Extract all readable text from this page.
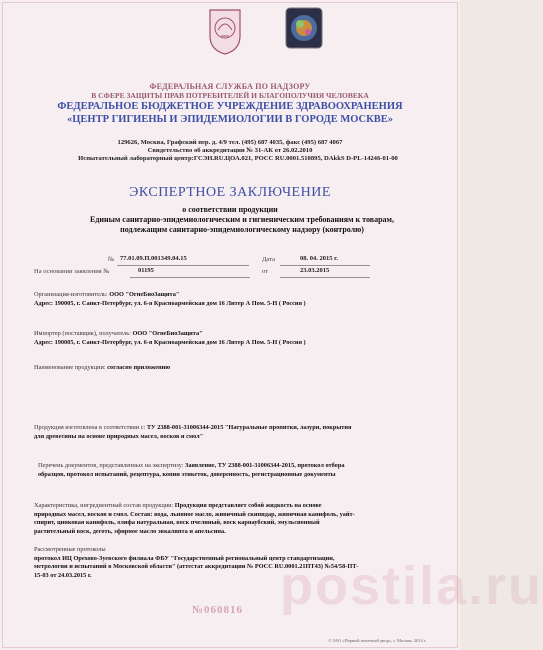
ФЕДЕРАЛЬНАЯ СЛУЖБА ПО НАДЗОРУ
В СФЕРЕ ЗАЩИТЫ ПРАВ ПОТРЕБИТЕЛЕЙ И БЛАГОПОЛУЧИЯ ЧЕЛОВЕКА
ФЕДЕРАЛЬНОЕ БЮДЖЕТНОЕ УЧРЕЖДЕНИЕ ЗДРАВООХРАНЕНИЯ
«ЦЕНТР ГИГИЕНЫ И ЭПИДЕМИОЛОГИИ В ГОРОДЕ МОСКВЕ»
129626, Москва, Графский пер. д. 4/9 тел. (495) 687 4035, факс (495) 687 4067
Свидетельство об аккредитации № 31-АК от 26.02.2010
Испытательный лабораторный центр:ГСЭН.RU.ЦОА.021, РОСС RU.0001.510895, DAkkS D-PL-14246-01-00
ЭКСПЕРТНОЕ ЗАКЛЮЧЕНИЕ
о соответствии продукции
Единым санитарно-эпидемиологическим и гигиеническим требованиям к товарам,
подлежащим санитарно-эпидемиологическому надзору (контролю)
№ 77.01.09.П.001349.04.15	Дата	08. 04. 2015 г.
На основании заявления №	01195	от	23.03.2015
Организация-изготовитель: ООО "ОгнеБиоЗащита"
Адрес: 190005, г. Санкт-Петербург, ул. 6-я Красноармейская дом 16 Литер А Пом. 5-Н ( Россия )
Импортер (поставщик), получатель: ООО "ОгнеБиоЗащита"
Адрес: 190005, г. Санкт-Петербург, ул. 6-я Красноармейская дом 16 Литер А Пом. 5-Н ( Россия )
Наименование продукции: согласно приложению
Продукция изготовлена в соответствии с: ТУ 2388-001-31006344-2015 "Натуральные пропитки, лазури, покрытия
для древесины на основе природных масел, восков и смол"
Перечень документов, представленных на экспертизу: Заявление, ТУ 2388-001-31006344-2015, протокол отбора
образцов, протокол испытаний, рецептура, копии этикеток, доверенность, регистрационные документы
Характеристика, ингредиентный состав продукции: Продукция представляет собой жидкость на основе
природных масел, восков и смол. Состав: вода, льняное масло, живичный скипидар, живичная канифоль, уайт-
спирит, цинковая канифоль, олифа натуральная, воск пчелиный, воск карнаубский, эмульсионный
растительный воск, деготь, эфирное масло эвкалипта и апельсина.
Рассмотренные протоколы
протокол ИЦ Орехово-Зуевского филиала ФБУ "Государственный региональный центр стандартизации,
метрологии и испытаний в Московской области" (аттестат аккредитации № РОСС RU.0001.21ПТ43) №54/58-ПТ-
15-03 от 24.03.2015 г.	postila.ru
№060816
© ЗАО «Первый печатный двор», г. Москва, 2014 г.
